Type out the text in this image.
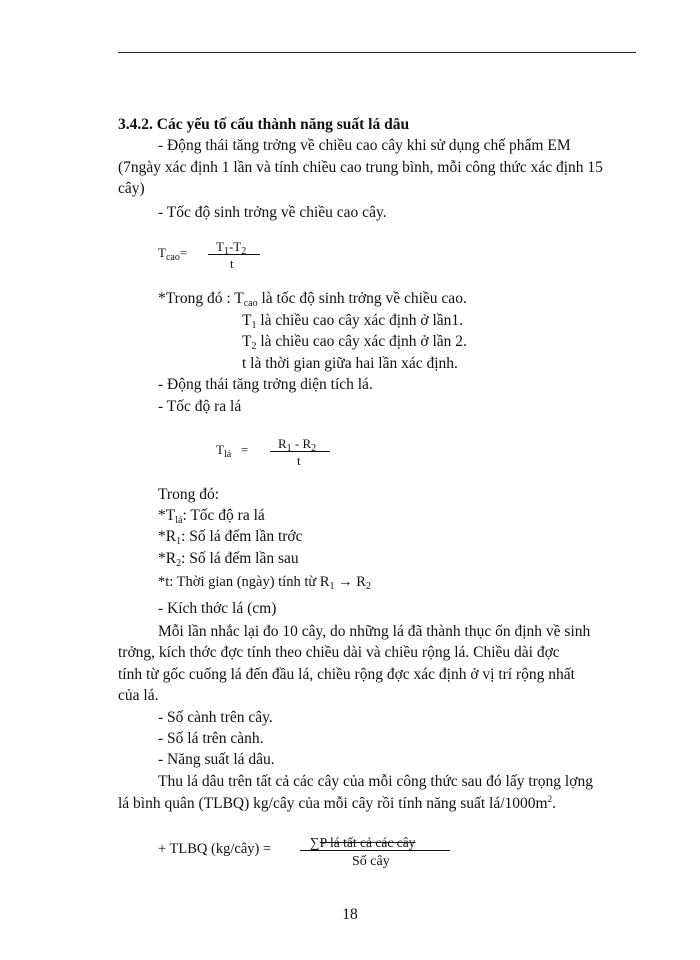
3.4.2. Các yếu tố cấu thành năng suất lá dâu
- Động thái tăng trởng về chiều cao cây khi sử dụng chế phẩm EM
(7ngày xác định 1 lần và tính chiều cao trung bình, mỗi công thức xác định 15
cây)
- Tốc độ sinh trởng về chiều cao cây.
$T_{cao}= T_1-T_2$
t
*Trong đó : $T_{cao}$ là tốc độ sinh trởng về chiều cao.
$T_1$ là chiều cao cây xác định ở lần1.
$T_2$ là chiều cao cây xác định ở lần 2.
t là thời gian giữa hai lần xác định.
- Động thái tăng trởng diện tích lá.
- Tốc độ ra lá
$T_{lá} = R_1 - R_2$
t
Trong đó:
$*T_{lá}$: Tốc độ ra lá
$*R_1$: Số lá đếm lần trớc
$*R_2$: Số lá đếm lần sau
*t: Thời gian (ngày) tính từ $R_1 \to R_2$
- Kích thớc lá (cm)
Mỗi lần nhắc lại đo 10 cây, do những lá đã thành thục ổn định về sinh
trởng, kích thớc đợc tính theo chiều dài và chiều rộng lá. Chiều dài đợc
tính từ gốc cuống lá đến đầu lá, chiều rộng đợc xác định ở vị trí rộng nhất
của lá.
- Số cành trên cây.
- Số lá trên cành.
- Năng suất lá dâu.
Thu lá dâu trên tất cả các cây của mỗi công thức sau đó lấy trọng lợng
lá bình quân (TLBQ) kg/cây của mỗi cây rồi tính năng suất $lá/1000m^2$.
+ TLBQ (kg/cây) =	∑P lá tất cả các cây
Số cây
18
